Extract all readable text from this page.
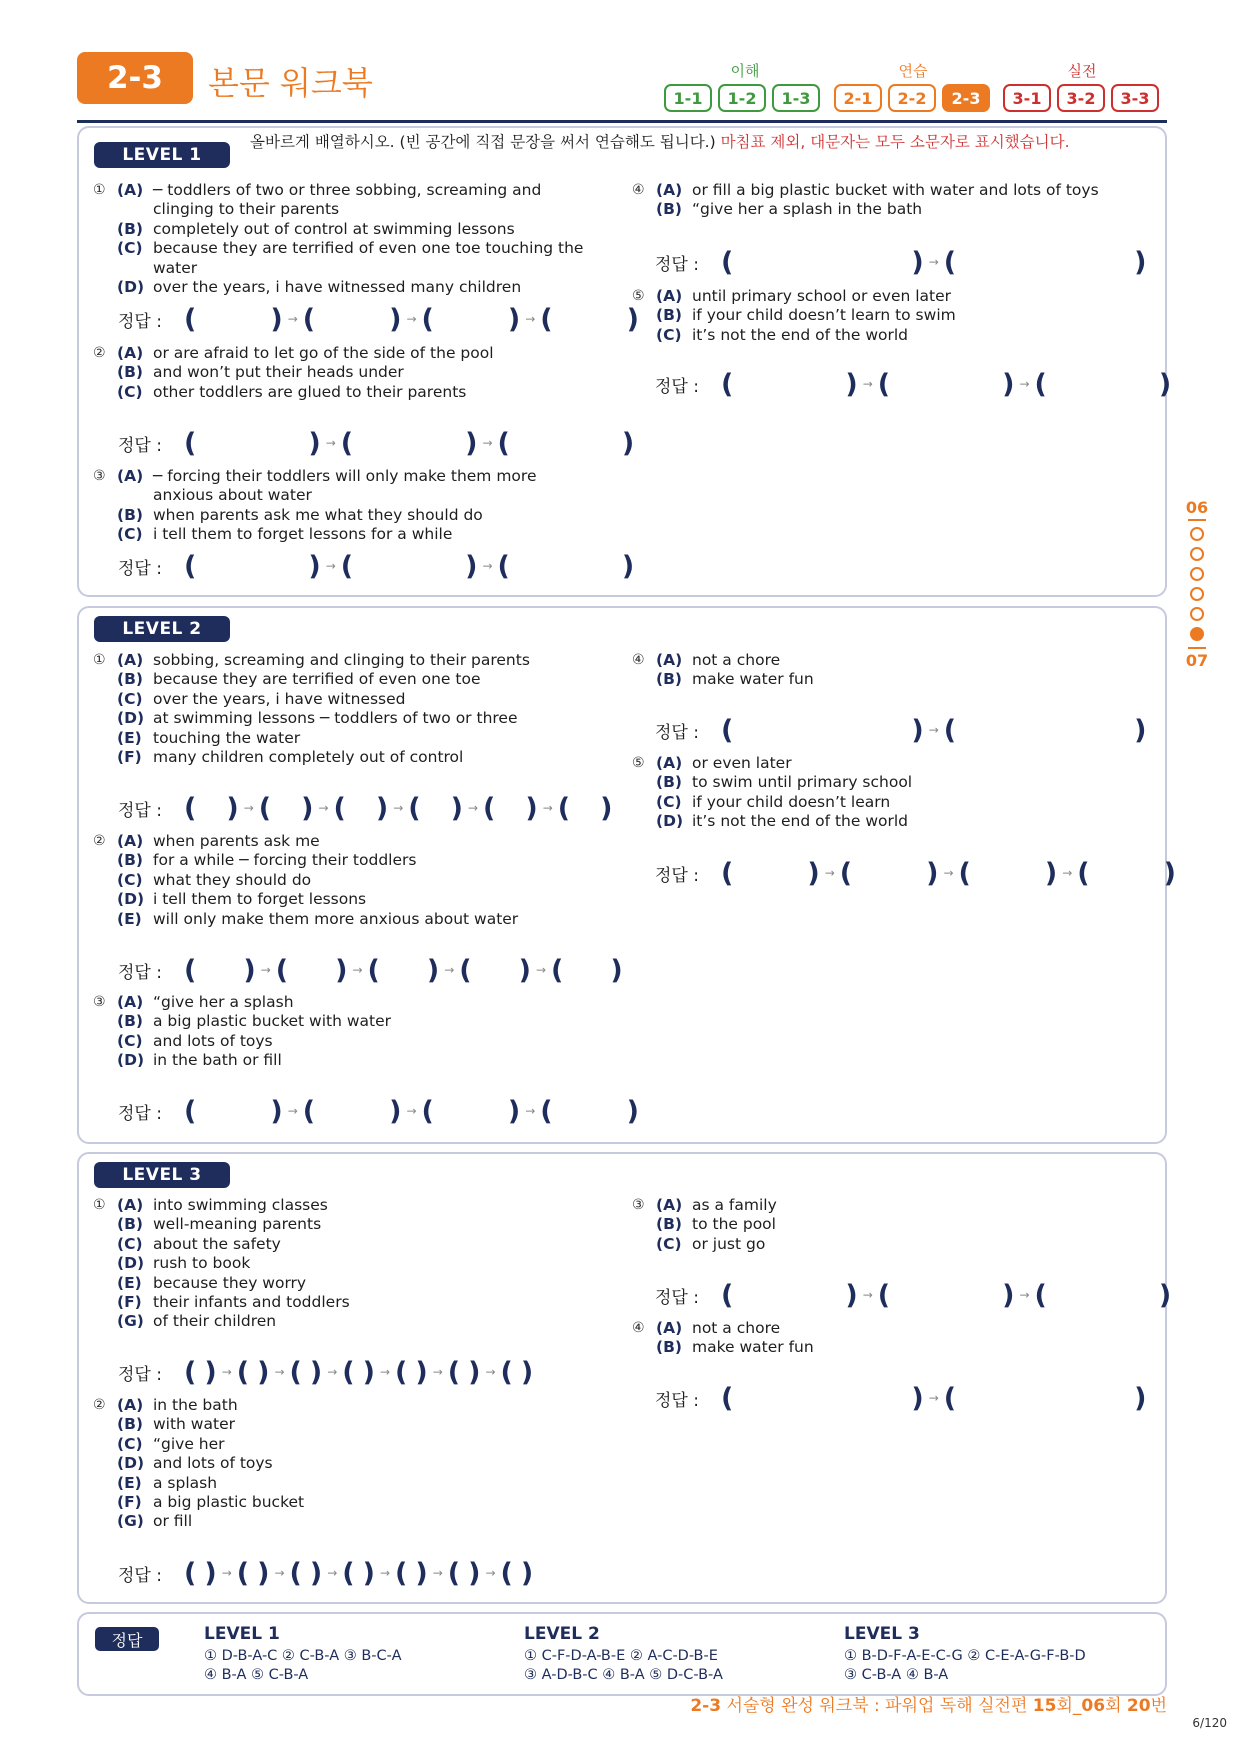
2-3	본문 워크북	이해	연습	실전
1-1	1-2	1-3	2-1	2-2	2-3	3-1	3-2	3-3
LEVEL 1
올바르게 배열하시오. (빈 공간에 직접 문장을 써서 연습해도 됩니다.) 마침표 제외, 대문자는 모두 소문자로 표시했습니다.
LEVEL 2
LEVEL 3
① (A) ─ toddlers of two or three sobbing, screaming and
clinging to their parents
(B) completely out of control at swimming lessons
(C) because they are terrified of even one toe touching the
water
(D) over the years, i have witnessed many children
② (A) or are afraid to let go of the side of the pool
(B) and won’t put their heads under
(C) other toddlers are glued to their parents
③ (A) ─ forcing their toddlers will only make them more
anxious about water
(B) when parents ask me what they should do
(C) i tell them to forget lessons for a while
④ (A) or fill a big plastic bucket with water and lots of toys
(B) “give her a splash in the bath
⑤ (A) until primary school or even later
(B) if your child doesn’t learn to swim
(C) it’s not the end of the world
① (A) sobbing, screaming and clinging to their parents
(B) because they are terrified of even one toe
(C) over the years, i have witnessed
(D) at swimming lessons ─ toddlers of two or three
(E) touching the water
(F) many children completely out of control
② (A) when parents ask me
(B) for a while ─ forcing their toddlers
(C) what they should do
(D) i tell them to forget lessons
(E) will only make them more anxious about water
③ (A) “give her a splash
(B) a big plastic bucket with water
(C) and lots of toys
(D) in the bath or fill
④ (A) not a chore
(B) make water fun
⑤ (A) or even later
(B) to swim until primary school
(C) if your child doesn’t learn
(D) it’s not the end of the world
① (A) into swimming classes
(B) well-meaning parents
(C) about the safety
(D) rush to book
(E) because they worry
(F) their infants and toddlers
(G) of their children
② (A) in the bath
(B) with water
(C) “give her
(D) and lots of toys
(E) a splash
(F) a big plastic bucket
(G) or fill
③ (A) as a family
(B) to the pool
(C) or just go
④ (A) not a chore
(B) make water fun
정답 : (	) → (	) → (	) → (	)
정답 : (	) → (	) → (	)
정답 : (	) → (	) → (	)
정답 : (	) → (	)
정답 : (	) → (	) → (	)
정답 : ( ) → ( ) → ( ) → ( ) → ( ) → ( )
정답 : ( ) → ( ) → ( ) → ( ) → ( )
정답 : (	) → (	) → (	) → (	)
정답 : (	) → (	)
정답 : (	) → (	) → (	) → (	)
정답 : ( ) → ( ) → ( ) → ( ) → ( ) → ( ) → ( )
정답 : ( ) → ( ) → ( ) → ( ) → ( ) → ( ) → ( )
정답 : (	) → (	) → (	)
정답 : (	) → (	)
정답	LEVEL 1
① D-B-A-C ② C-B-A ③ B-C-A
④ B-A ⑤ C-B-A
LEVEL 2
① C-F-D-A-B-E ② A-C-D-B-E
③ A-D-B-C ④ B-A ⑤ D-C-B-A
LEVEL 3
① B-D-F-A-E-C-G ② C-E-A-G-F-B-D
③ C-B-A ④ B-A
06
07
2-3 서술형 완성 워크북 : 파워업 독해 실전편 15회_06회 20번
6/120
